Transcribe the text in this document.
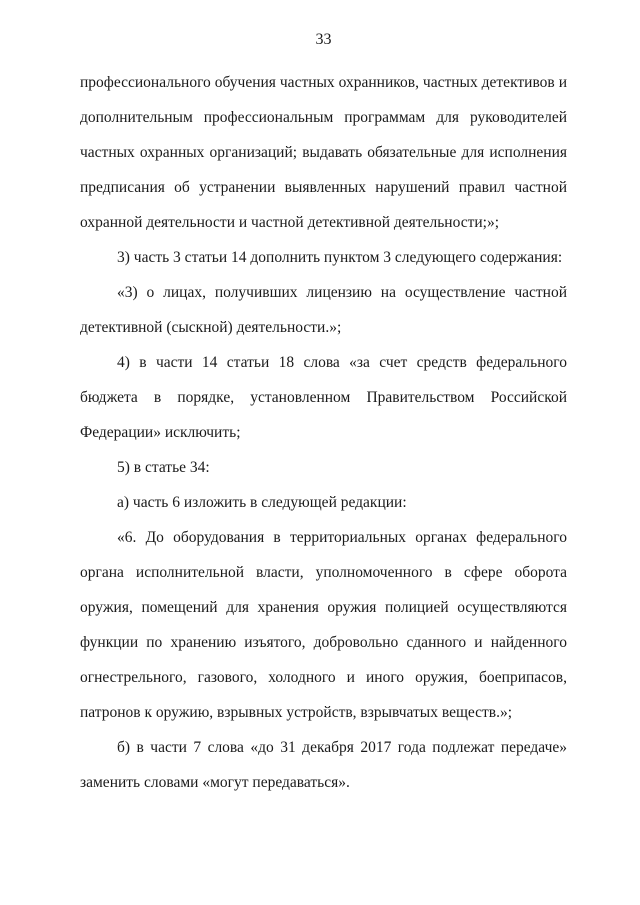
33

профессионального обучения частных охранников, частных детективов и дополнительным профессиональным программам для руководителей частных охранных организаций; выдавать обязательные для исполнения предписания об устранении выявленных нарушений правил частной охранной деятельности и частной детективной деятельности;»;

3) часть 3 статьи 14 дополнить пунктом 3 следующего содержания:

«3) о лицах, получивших лицензию на осуществление частной детективной (сыскной) деятельности.»;

4) в части 14 статьи 18 слова «за счет средств федерального бюджета в порядке, установленном Правительством Российской Федерации» исключить;

5) в статье 34:

а) часть 6 изложить в следующей редакции:

«6. До оборудования в территориальных органах федерального органа исполнительной власти, уполномоченного в сфере оборота оружия, помещений для хранения оружия полицией осуществляются функции по хранению изъятого, добровольно сданного и найденного огнестрельного, газового, холодного и иного оружия, боеприпасов, патронов к оружию, взрывных устройств, взрывчатых веществ.»;

б) в части 7 слова «до 31 декабря 2017 года подлежат передаче» заменить словами «могут передаваться».
